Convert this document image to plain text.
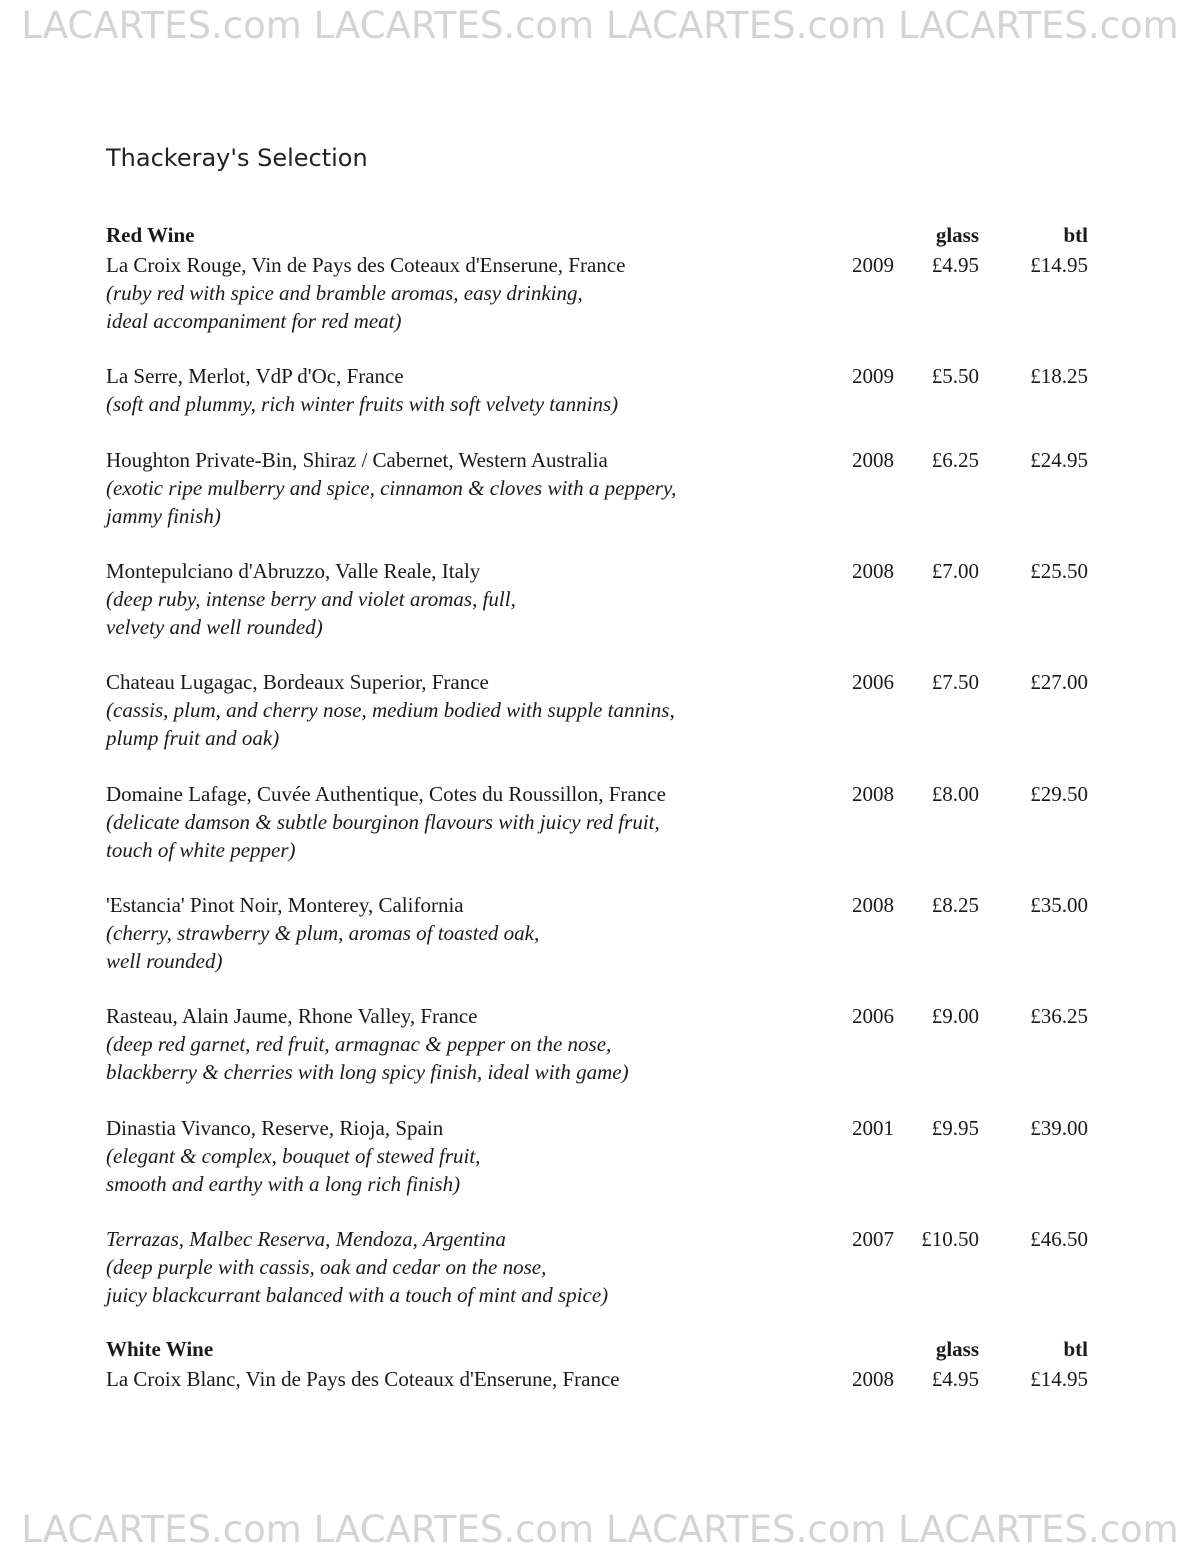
LACARTES.com LACARTES.com LACARTES.com LACARTES.com
Thackeray's Selection
Red Wine	glass	btl
La Croix Rouge, Vin de Pays des Coteaux d'Enserune, France
(ruby red with spice and bramble aromas, easy drinking,
ideal accompaniment for red meat)
2009	£4.95	£14.95
La Serre, Merlot, VdP d'Oc, France
(soft and plummy, rich winter fruits with soft velvety tannins)
2009	£5.50	£18.25
Houghton Private-Bin, Shiraz / Cabernet, Western Australia
(exotic ripe mulberry and spice, cinnamon & cloves with a peppery,
jammy finish)
2008	£6.25	£24.95
Montepulciano d'Abruzzo, Valle Reale, Italy
(deep ruby, intense berry and violet aromas, full,
velvety and well rounded)
2008	£7.00	£25.50
Chateau Lugagac, Bordeaux Superior, France
(cassis, plum, and cherry nose, medium bodied with supple tannins,
plump fruit and oak)
2006	£7.50	£27.00
Domaine Lafage, Cuvée Authentique, Cotes du Roussillon, France
(delicate damson & subtle bourginon flavours with juicy red fruit,
touch of white pepper)
2008	£8.00	£29.50
'Estancia' Pinot Noir, Monterey, California
(cherry, strawberry & plum, aromas of toasted oak,
well rounded)
2008	£8.25	£35.00
Rasteau, Alain Jaume, Rhone Valley, France
(deep red garnet, red fruit, armagnac & pepper on the nose,
blackberry & cherries with long spicy finish, ideal with game)
2006	£9.00	£36.25
Dinastia Vivanco, Reserve, Rioja, Spain
(elegant & complex, bouquet of stewed fruit,
smooth and earthy with a long rich finish)
2001	£9.95	£39.00
Terrazas, Malbec Reserva, Mendoza, Argentina
(deep purple with cassis, oak and cedar on the nose,
juicy blackcurrant balanced with a touch of mint and spice)
2007	£10.50	£46.50
White Wine	glass	btl
La Croix Blanc, Vin de Pays des Coteaux d'Enserune, France	2008	£4.95	£14.95
LACARTES.com LACARTES.com LACARTES.com LACARTES.com
